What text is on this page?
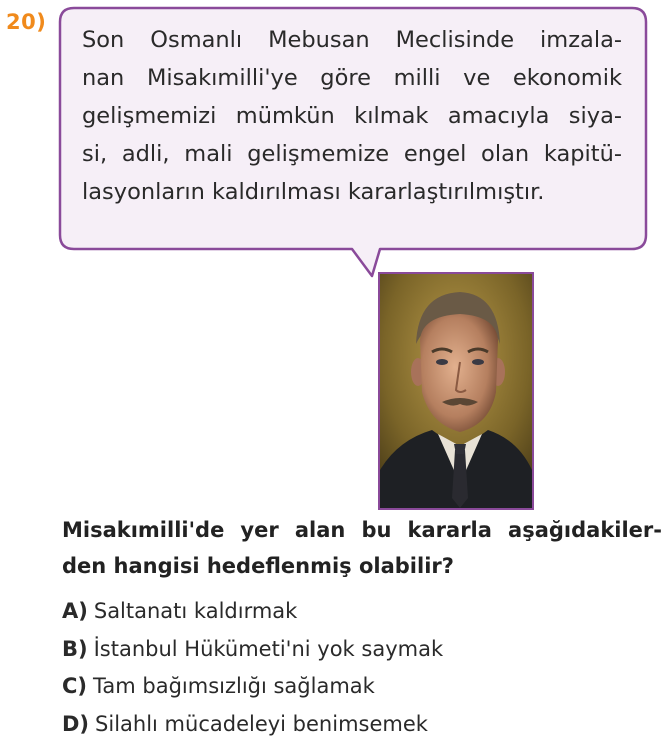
20)
Son Osmanlı Mebusan Meclisinde imzala-
nan Misakımilli'ye göre milli ve ekonomik
gelişmemizi mümkün kılmak amacıyla siya-
si, adli, mali gelişmemize engel olan kapitü-
lasyonların kaldırılması kararlaştırılmıştır.
Misakımilli'de yer alan bu kararla aşağıdakiler-
den hangisi hedeflenmiş olabilir?
A) Saltanatı kaldırmak
B) İstanbul Hükümeti'ni yok saymak
C) Tam bağımsızlığı sağlamak
D) Silahlı mücadeleyi benimsemek
